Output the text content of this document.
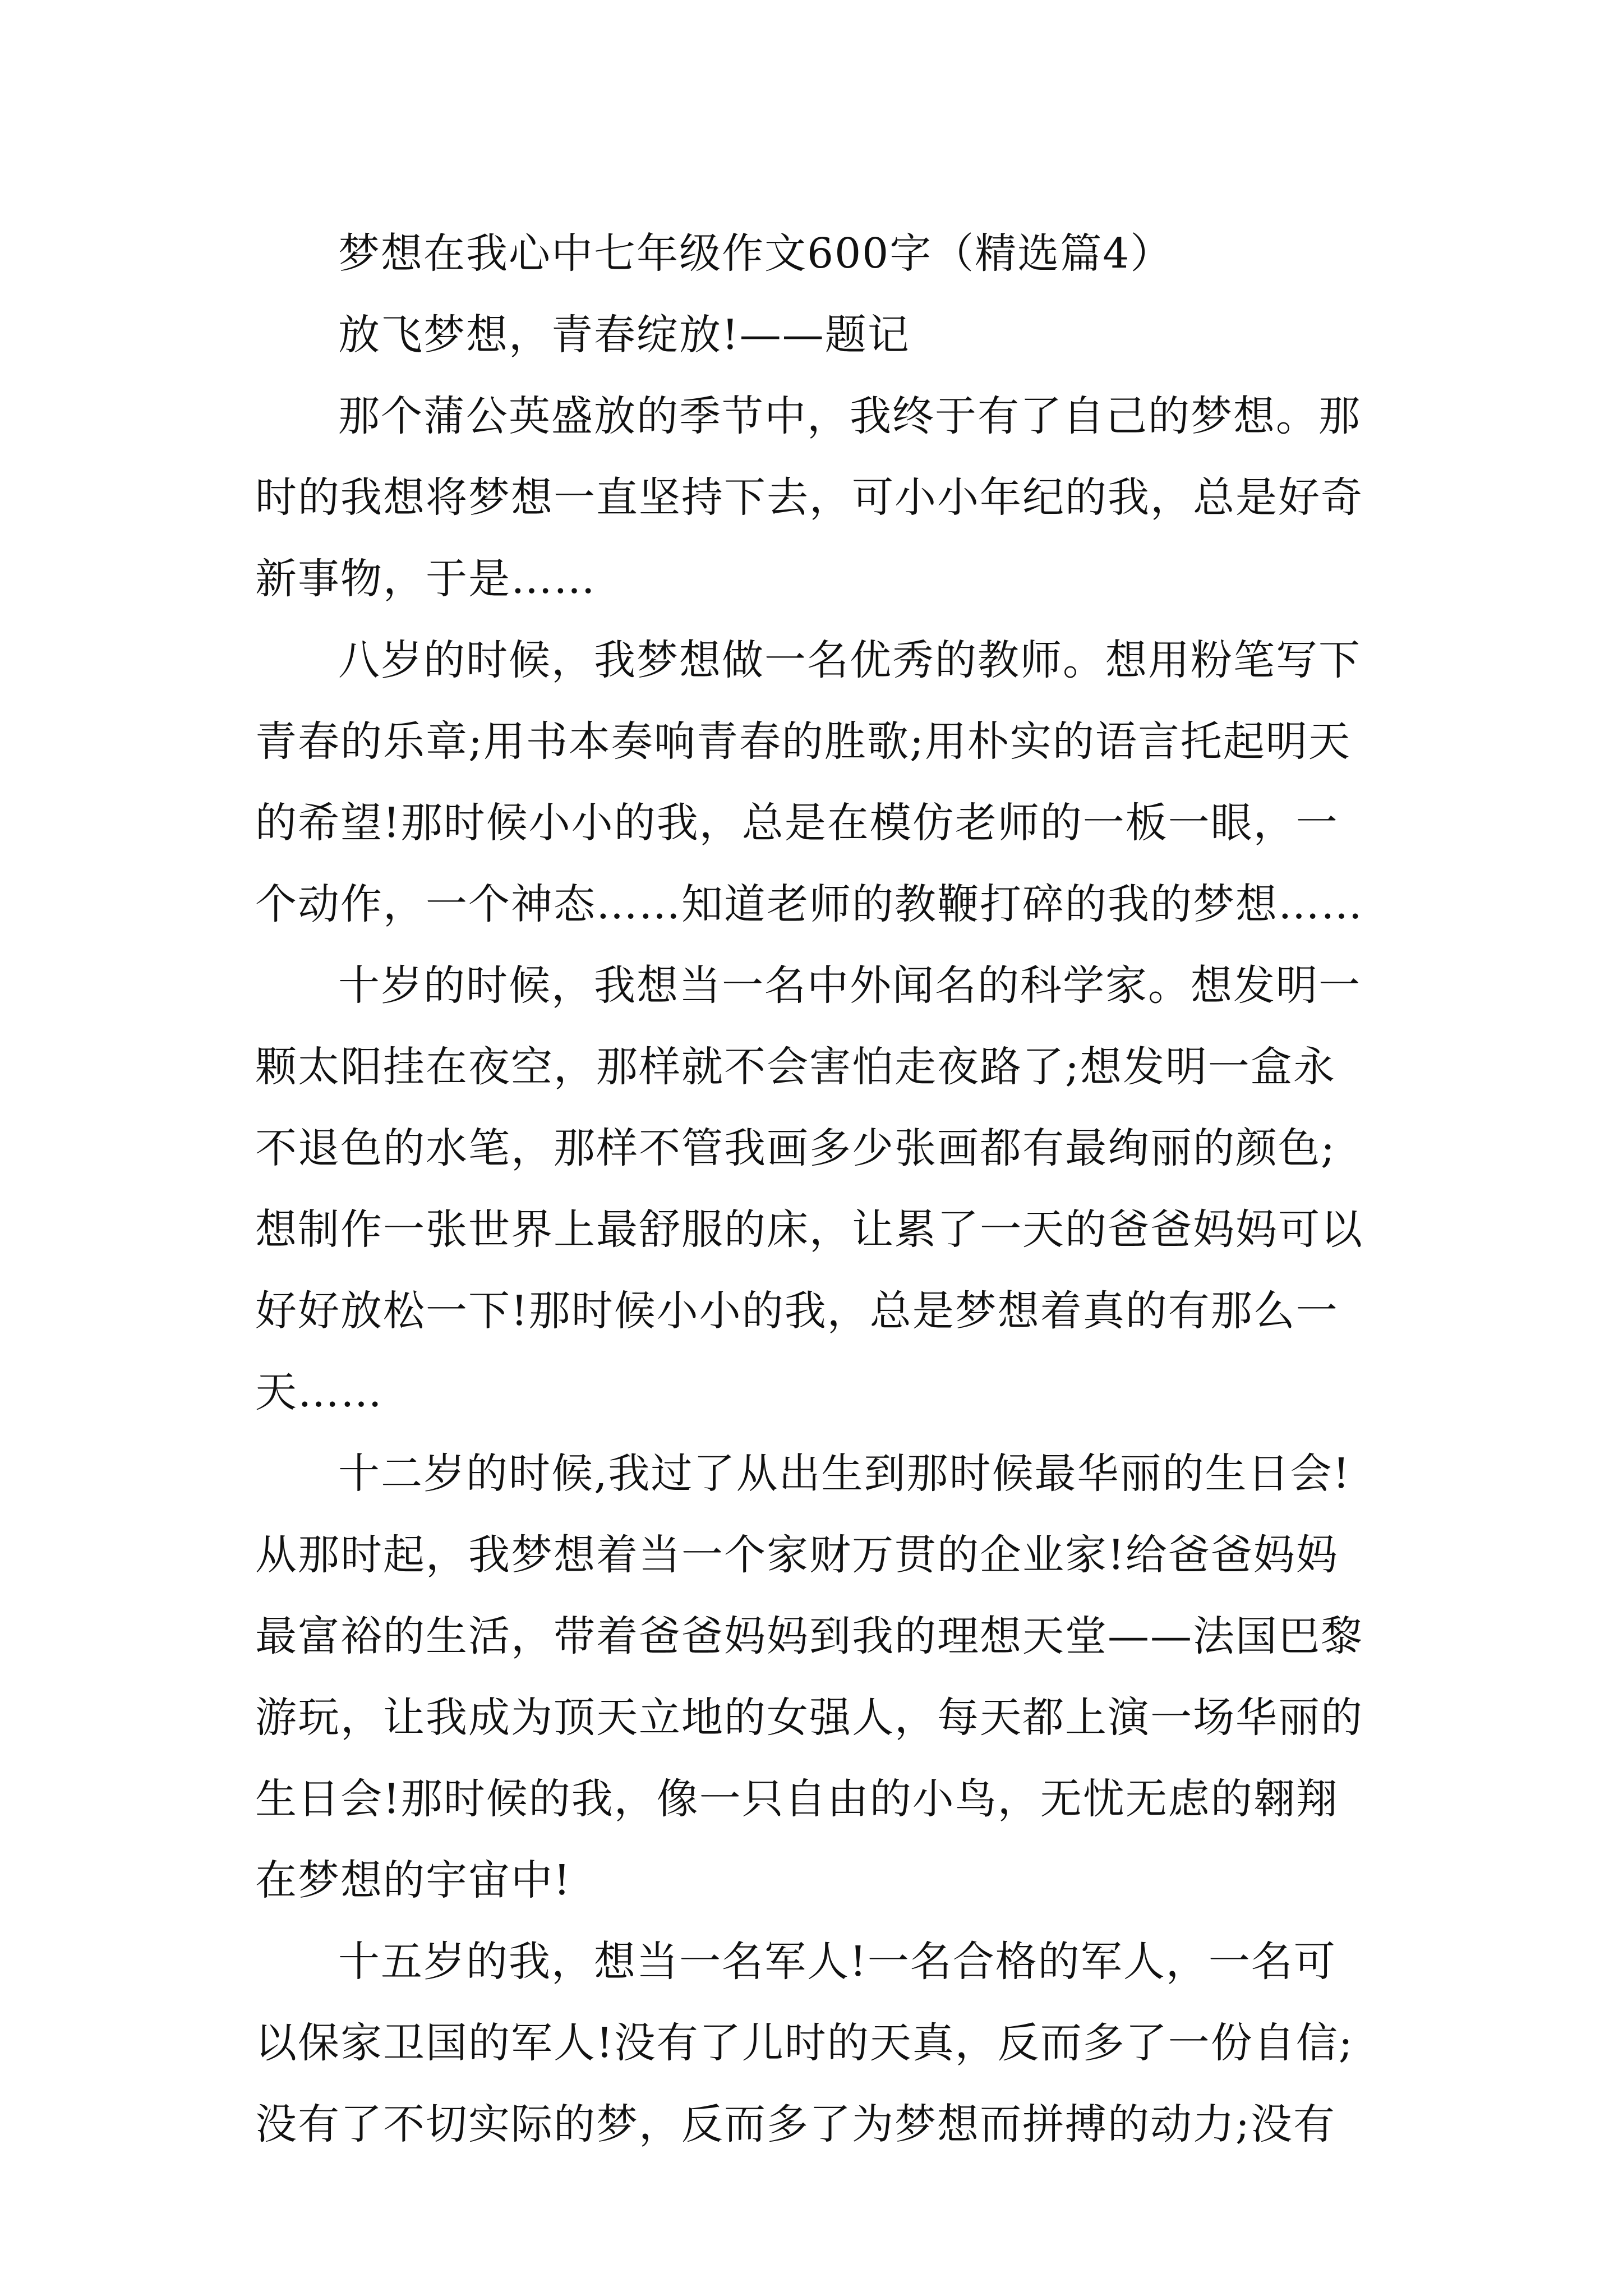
梦想在我心中七年级作文600字（精选篇4）
放飞梦想，青春绽放!——题记
那个蒲公英盛放的季节中，我终于有了自己的梦想。那
时的我想将梦想一直坚持下去，可小小年纪的我，总是好奇
新事物，于是……
八岁的时候，我梦想做一名优秀的教师。想用粉笔写下
青春的乐章;用书本奏响青春的胜歌;用朴实的语言托起明天
的希望!那时候小小的我，总是在模仿老师的一板一眼，一
个动作，一个神态……知道老师的教鞭打碎的我的梦想……
十岁的时候，我想当一名中外闻名的科学家。想发明一
颗太阳挂在夜空，那样就不会害怕走夜路了;想发明一盒永
不退色的水笔，那样不管我画多少张画都有最绚丽的颜色;
想制作一张世界上最舒服的床，让累了一天的爸爸妈妈可以
好好放松一下!那时候小小的我，总是梦想着真的有那么一
天……
十二岁的时候,我过了从出生到那时候最华丽的生日会!
从那时起，我梦想着当一个家财万贯的企业家!给爸爸妈妈
最富裕的生活，带着爸爸妈妈到我的理想天堂——法国巴黎
游玩，让我成为顶天立地的女强人，每天都上演一场华丽的
生日会!那时候的我，像一只自由的小鸟，无忧无虑的翱翔
在梦想的宇宙中!
十五岁的我，想当一名军人!一名合格的军人，一名可
以保家卫国的军人!没有了儿时的天真，反而多了一份自信;
没有了不切实际的梦，反而多了为梦想而拼搏的动力;没有
